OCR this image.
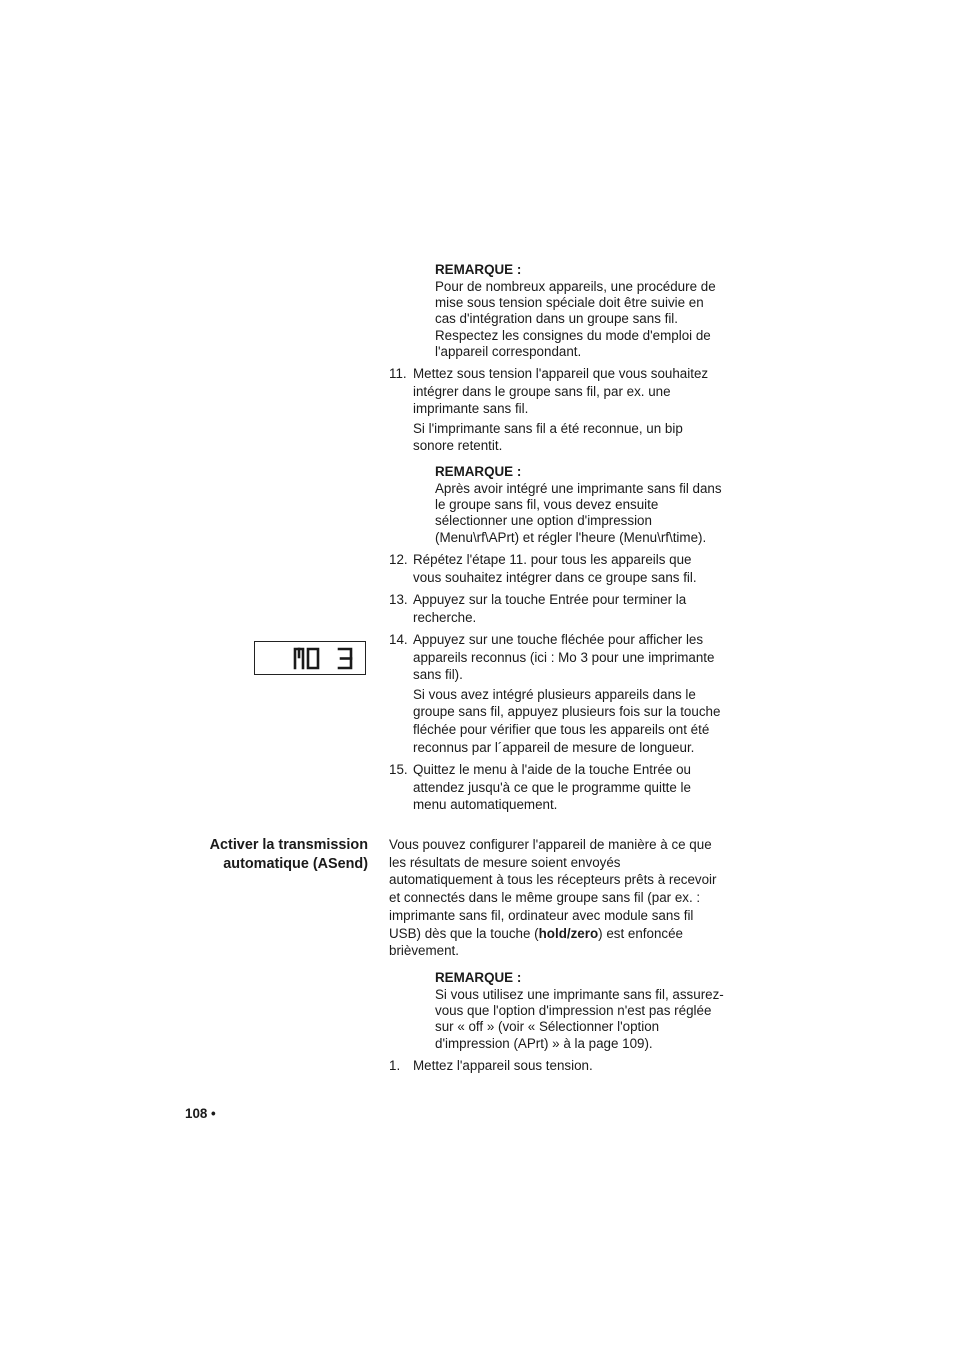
REMARQUE :
Pour de nombreux appareils, une procédure de
mise sous tension spéciale doit être suivie en
cas d'intégration dans un groupe sans fil.
Respectez les consignes du mode d'emploi de
l'appareil correspondant.
11. Mettez sous tension l'appareil que vous souhaitez
intégrer dans le groupe sans fil, par ex. une
imprimante sans fil.
Si l'imprimante sans fil a été reconnue, un bip
sonore retentit.
REMARQUE :
Après avoir intégré une imprimante sans fil dans
le groupe sans fil, vous devez ensuite
sélectionner une option d'impression
(Menu\rf\APrt) et régler l'heure (Menu\rf\time).
12. Répétez l'étape 11. pour tous les appareils que
vous souhaitez intégrer dans ce groupe sans fil.
13. Appuyez sur la touche Entrée pour terminer la
recherche.
14. Appuyez sur une touche fléchée pour afficher les
appareils reconnus (ici : Mo 3 pour une imprimante
sans fil).
Si vous avez intégré plusieurs appareils dans le
groupe sans fil, appuyez plusieurs fois sur la touche
fléchée pour vérifier que tous les appareils ont été
reconnus par l´appareil de mesure de longueur.
15. Quittez le menu à l'aide de la touche Entrée ou
attendez jusqu'à ce que le programme quitte le
menu automatiquement.
Activer la transmission
automatique (ASend)
Vous pouvez configurer l'appareil de manière à ce que
les résultats de mesure soient envoyés
automatiquement à tous les récepteurs prêts à recevoir
et connectés dans le même groupe sans fil (par ex. :
imprimante sans fil, ordinateur avec module sans fil
USB) dès que la touche (hold/zero) est enfoncée
brièvement.
REMARQUE :
Si vous utilisez une imprimante sans fil, assurez-
vous que l'option d'impression n'est pas réglée
sur « off » (voir « Sélectionner l'option
d'impression (APrt) » à la page 109).
1. Mettez l'appareil sous tension.
108 •
